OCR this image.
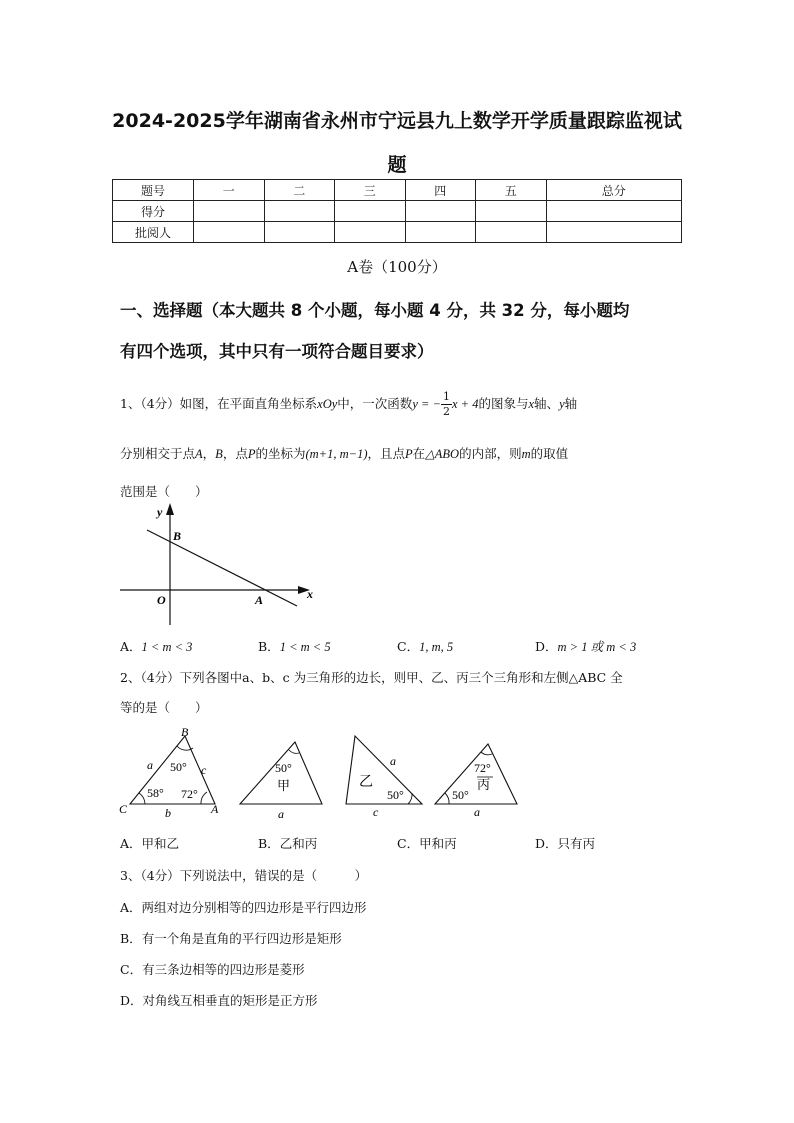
2024-2025学年湖南省永州市宁远县九上数学开学质量跟踪监视试
题
题号	一	二	三	四	五	总分
得分						
批阅人						
A卷（100分）
一、选择题（本大题共 8 个小题，每小题 4 分，共 32 分，每小题均
有四个选项，其中只有一项符合题目要求）
1、（4分）如图，在平面直角坐标系xOy中，一次函数y = − $\frac{1}{2}$ x + 4的图象与x轴、y轴
分别相交于点A，B，点P的坐标为(m+1, m−1)，且点P在△ABO的内部，则m的取值
范围是（　　）
y
B
O	A	x
A．1 < m < 3	B．1 < m < 5	C．1, m, 5	D．m > 1 或 m < 3
2、（4分）下列各图中a、b、c 为三角形的边长，则甲、乙、丙三个三角形和左侧△ABC 全
等的是（　　）
B
C	A
a	c
b
50°
58° 72°
50°
甲
a
乙
a
50°
c
72°
丙
50°
a
A．甲和乙	B．乙和丙	C．甲和丙	D．只有丙
3、（4分）下列说法中，错误的是（　　　）
A．两组对边分别相等的四边形是平行四边形
B．有一个角是直角的平行四边形是矩形
C．有三条边相等的四边形是菱形
D．对角线互相垂直的矩形是正方形
